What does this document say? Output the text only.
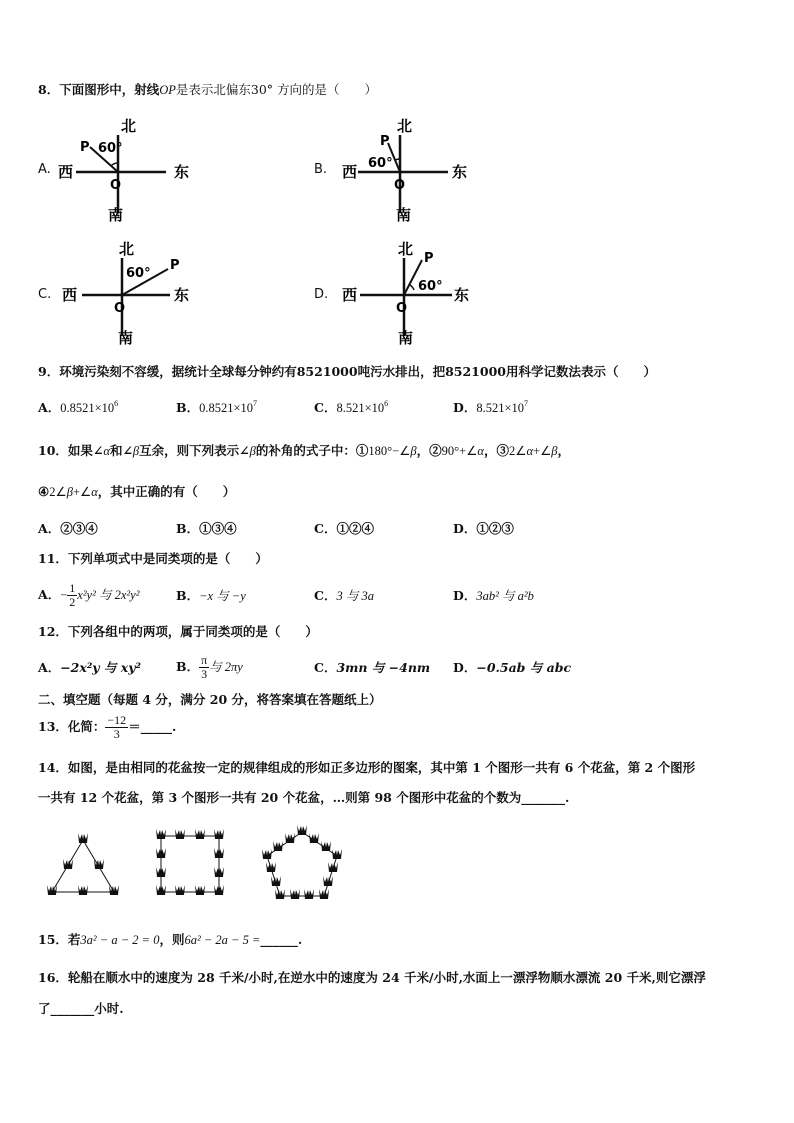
8．下面图形中，射线OP是表示北偏东30° 方向的是（　　）
A.
北
南
东
西
O
P 60°
B.
北
南
东
西
O
P
60°
C.
北
南
东
西
O
P
60°
D.
北
南
东
西
O
P
60°
9．环境污染刻不容缓，据统计全球每分钟约有8521000吨污水排出，把8521000用科学记数法表示（　　）
A．$0.8521\times 10^6$	B．$0.8521\times 10^7$	C．$8.521\times 10^6$	D．$8.521\times 10^7$
10．如果∠α和∠β互余，则下列表示∠β的补角的式子中：①180°−∠β，②90°+∠α，③2∠α+∠β，
④2∠β+∠α，其中正确的有（　　）
A．②③④	B．①③④	C．①②④	D．①②③
11．下列单项式中是同类项的是（　　）
A．− $\frac{1}{2} x^2y^2$ 与 2x²y²	B．−x 与 −y	C．3 与 3a	D．3ab² 与 a²b
12．下列各组中的两项，属于同类项的是（　　）
A．−2x²y 与 xy²	B． $\frac{\pi}{3}$ 与 2πy	C．3mn 与 −4nm D．−0.5ab 与 abc
二、填空题（每题 4 分，满分 20 分，将答案填在答题纸上）
13．化简： $\frac{-12}{3}$ ＝_____.
14．如图，是由相同的花盆按一定的规律组成的形如正多边形的图案，其中第 1 个图形一共有 6 个花盆，第 2 个图形
一共有 12 个花盆，第 3 个图形一共有 20 个花盆，…则第 98 个图形中花盆的个数为_______.
15．若3a² − a − 2 = 0，则6a² − 2a − 5 =______.
16．轮船在顺水中的速度为 28 千米/小时,在逆水中的速度为 24 千米/小时,水面上一漂浮物顺水漂流 20 千米,则它漂浮
了_______小时.
